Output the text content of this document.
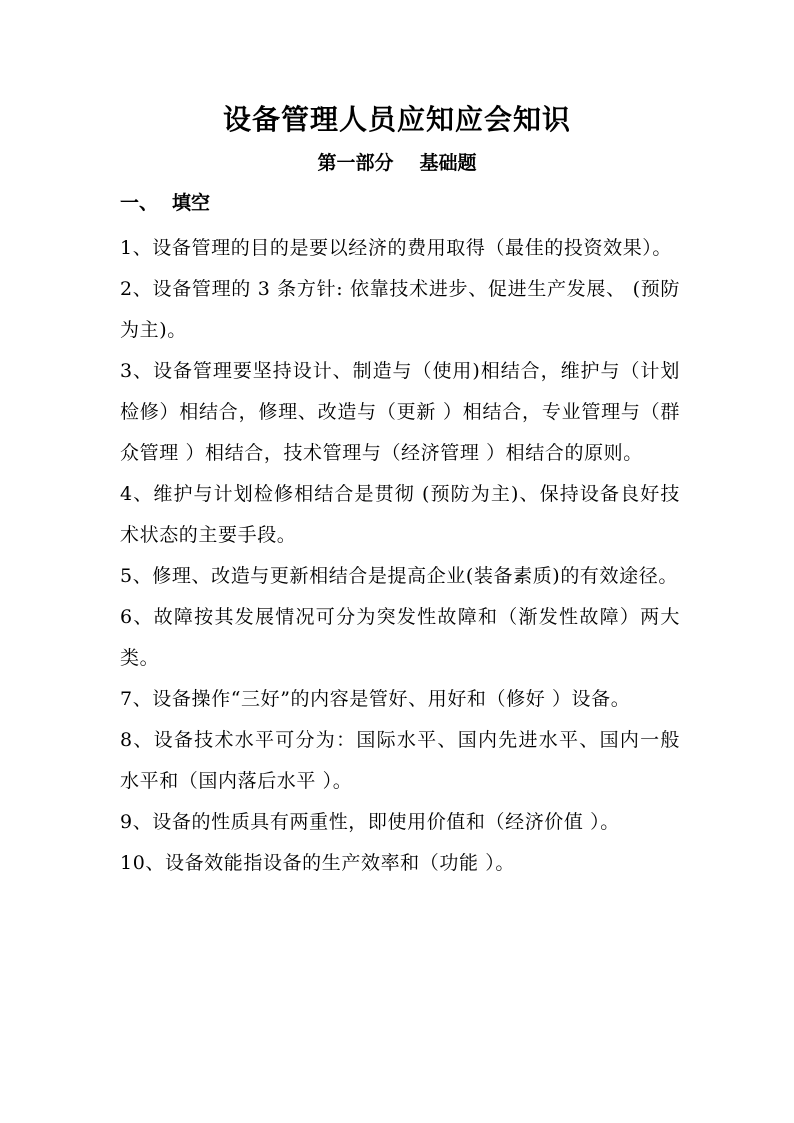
设备管理人员应知应会知识
第一部分 基础题
一、 填空
1、设备管理的目的是要以经济的费用取得（最佳的投资效果）。
2、设备管理的 3 条方针: 依靠技术进步、促进生产发展、 (预防为主)。
3、设备管理要坚持设计、制造与（使用)相结合，维护与（计划检修）相结合，修理、改造与（更新 ）相结合，专业管理与（群众管理 ）相结合，技术管理与（经济管理 ）相结合的原则。
4、维护与计划检修相结合是贯彻 (预防为主)、保持设备良好技术状态的主要手段。
5、修理、改造与更新相结合是提高企业(装备素质)的有效途径。
6、故障按其发展情况可分为突发性故障和（渐发性故障）两大类。
7、设备操作“三好”的内容是管好、用好和（修好 ）设备。
8、设备技术水平可分为：国际水平、国内先进水平、国内一般水平和（国内落后水平 ）。
9、设备的性质具有两重性，即使用价值和（经济价值 ）。
10、设备效能指设备的生产效率和（功能 ）。
